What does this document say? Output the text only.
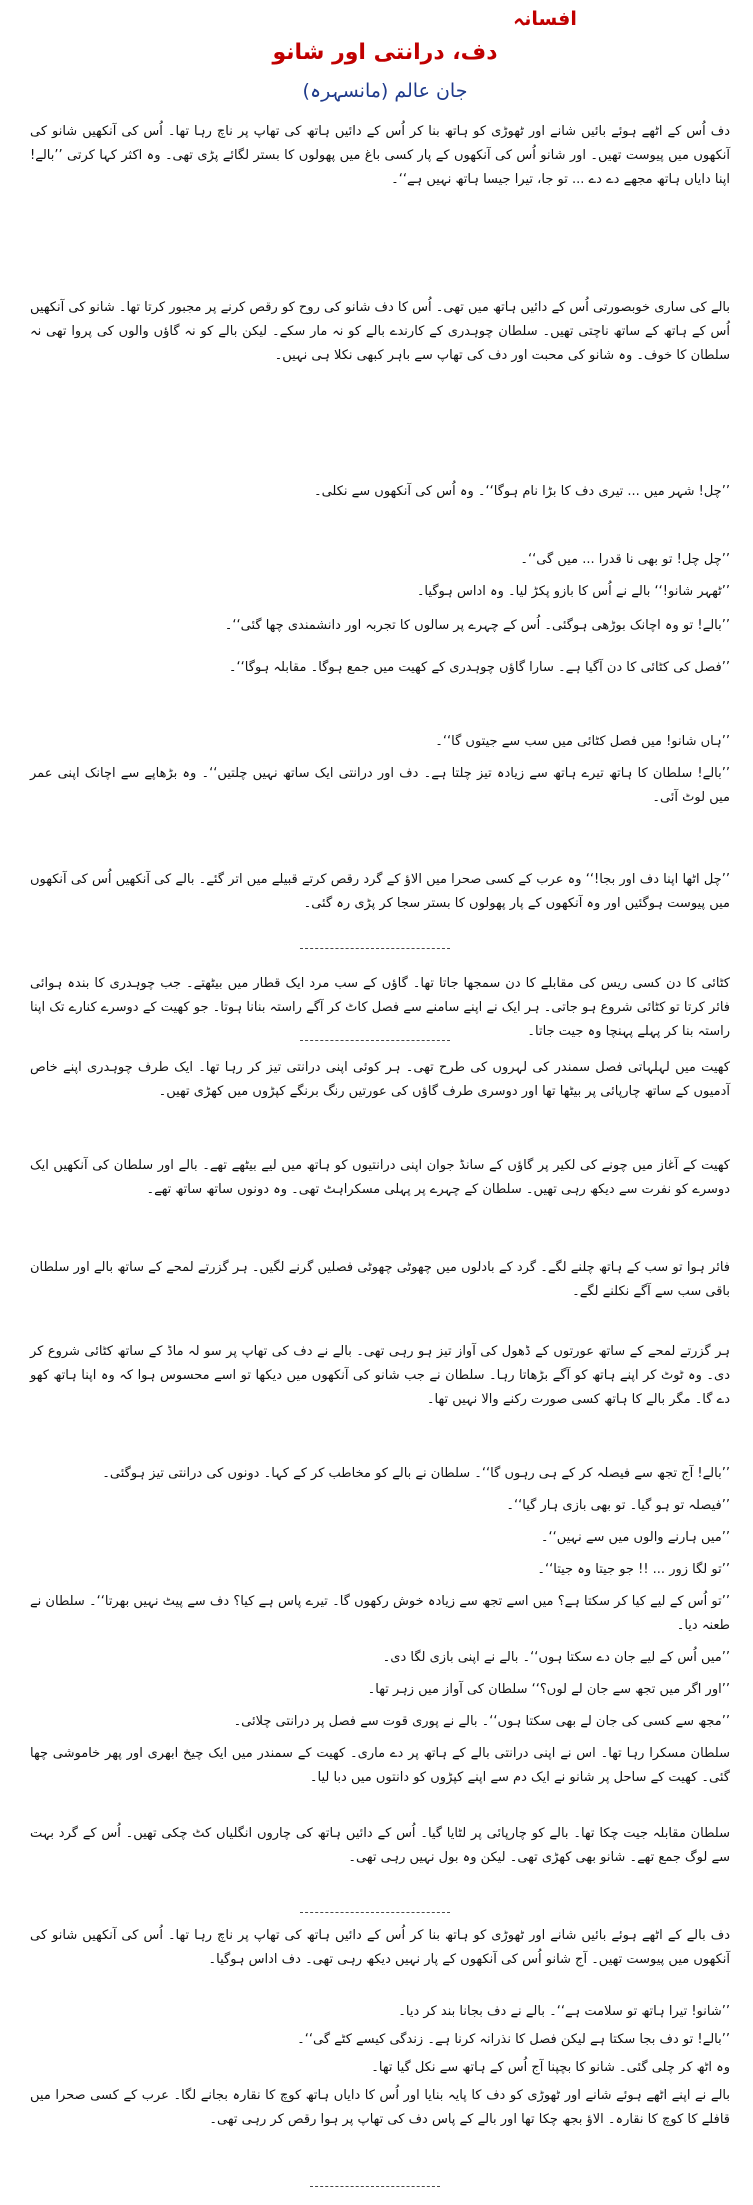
افسانہ
دف، درانتی اور شانو
جان عالم (مانسہرہ)

دف اُس کے اٹھے ہوئے بائیں شانے اور ٹھوڑی کو ہاتھ بنا کر اُس کے دائیں ہاتھ کی تھاپ پر ناچ رہا تھا۔ اُس کی آنکھیں شانو کی آنکھوں میں پیوست تھیں۔ اور شانو اُس کی آنکھوں کے پار کسی باغ میں پھولوں کا بستر لگائے پڑی تھی۔ وہ اکثر کہا کرتی ’’بالے! اپنا دایاں ہاتھ مجھے دے دے ... تو جا، تیرا جیسا ہاتھ نہیں ہے‘‘۔

بالے کی ساری خوبصورتی اُس کے دائیں ہاتھ میں تھی۔ اُس کا دف شانو کی روح کو رقص کرنے پر مجبور کرتا تھا۔ شانو کی آنکھیں اُس کے ہاتھ کے ساتھ ناچتی تھیں۔ سلطان چوہدری کے کارندے بالے کو نہ مار سکے۔ لیکن بالے کو نہ گاؤں والوں کی پروا تھی نہ سلطان کا خوف۔ وہ شانو کی محبت اور دف کی تھاپ سے باہر کبھی نکلا ہی نہیں۔

’’چل! شہر میں ... تیری دف کا بڑا نام ہوگا‘‘۔ وہ اُس کی آنکھوں سے نکلی۔

’’چل چل! تو بھی نا قدرا ... میں گی‘‘۔

’’ٹھہر شانو!‘‘ بالے نے اُس کا بازو پکڑ لیا۔ وہ اداس ہوگیا۔

’’بالے! تو وہ اچانک بوڑھی ہوگئی۔ اُس کے چہرے پر سالوں کا تجربہ اور دانشمندی چھا گئی‘‘۔

’’فصل کی کٹائی کا دن آگیا ہے۔ سارا گاؤں چوہدری کے کھیت میں جمع ہوگا۔ مقابلہ ہوگا‘‘۔

’’ہاں شانو! میں فصل کٹائی میں سب سے جیتوں گا‘‘۔

’’بالے! سلطان کا ہاتھ تیرے ہاتھ سے زیادہ تیز چلتا ہے۔ دف اور درانتی ایک ساتھ نہیں چلتیں‘‘۔ وہ بڑھاپے سے اچانک اپنی عمر میں لوٹ آئی۔

’’چل اٹھا اپنا دف اور بجا!‘‘ وہ عرب کے کسی صحرا میں الاؤ کے گرد رقص کرتے قبیلے میں اتر گئے۔ بالے کی آنکھیں اُس کی آنکھوں میں پیوست ہوگئیں اور وہ آنکھوں کے پار پھولوں کا بستر سجا کر پڑی رہ گئی۔

کٹائی کا دن کسی ریس کی مقابلے کا دن سمجھا جاتا تھا۔ گاؤں کے سب مرد ایک قطار میں بیٹھتے۔ جب چوہدری کا بندہ ہوائی فائر کرتا تو کٹائی شروع ہو جاتی۔ ہر ایک نے اپنے سامنے سے فصل کاٹ کر آگے راستہ بنانا ہوتا۔ جو کھیت کے دوسرے کنارے تک اپنا راستہ بنا کر پہلے پہنچا وہ جیت جاتا۔

کھیت میں لہلہاتی فصل سمندر کی لہروں کی طرح تھی۔ ہر کوئی اپنی درانتی تیز کر رہا تھا۔ ایک طرف چوہدری اپنے خاص آدمیوں کے ساتھ چارپائی پر بیٹھا تھا اور دوسری طرف گاؤں کی عورتیں رنگ برنگے کپڑوں میں کھڑی تھیں۔

کھیت کے آغاز میں چونے کی لکیر پر گاؤں کے سانڈ جوان اپنی درانتیوں کو ہاتھ میں لیے بیٹھے تھے۔ بالے اور سلطان کی آنکھیں ایک دوسرے کو نفرت سے دیکھ رہی تھیں۔ سلطان کے چہرے پر پہلی مسکراہٹ تھی۔ وہ دونوں ساتھ ساتھ تھے۔

فائر ہوا تو سب کے ہاتھ چلنے لگے۔ گرد کے بادلوں میں چھوٹی چھوٹی فصلیں گرنے لگیں۔ ہر گزرتے لمحے کے ساتھ بالے اور سلطان باقی سب سے آگے نکلنے لگے۔

ہر گزرتے لمحے کے ساتھ عورتوں کے ڈھول کی آواز تیز ہو رہی تھی۔ بالے نے دف کی تھاپ پر سو لہ ماڈ کے ساتھ کٹائی شروع کر دی۔ وہ ٹوٹ کر اپنے ہاتھ کو آگے بڑھاتا رہا۔ سلطان نے جب شانو کی آنکھوں میں دیکھا تو اسے محسوس ہوا کہ وہ اپنا ہاتھ کھو دے گا۔ مگر بالے کا ہاتھ کسی صورت رکنے والا نہیں تھا۔

’’بالے! آج تجھ سے فیصلہ کر کے ہی رہوں گا‘‘۔ سلطان نے بالے کو مخاطب کر کے کہا۔ دونوں کی درانتی تیز ہوگئی۔

’’فیصلہ تو ہو گیا۔ تو بھی بازی ہار گیا‘‘۔

’’میں ہارنے والوں میں سے نہیں‘‘۔

’’تو لگا زور ... !! جو جیتا وہ جیتا‘‘۔

’’تو اُس کے لیے کیا کر سکتا ہے؟ میں اسے تجھ سے زیادہ خوش رکھوں گا۔ تیرے پاس ہے کیا؟ دف سے پیٹ نہیں بھرتا‘‘۔ سلطان نے طعنہ دیا۔

’’میں اُس کے لیے جان دے سکتا ہوں‘‘۔ بالے نے اپنی بازی لگا دی۔

’’اور اگر میں تجھ سے جان لے لوں؟‘‘ سلطان کی آواز میں زہر تھا۔

’’مجھ سے کسی کی جان لے بھی سکتا ہوں‘‘۔ بالے نے پوری قوت سے فصل پر درانتی چلائی۔

سلطان مسکرا رہا تھا۔ اس نے اپنی درانتی بالے کے ہاتھ پر دے ماری۔ کھیت کے سمندر میں ایک چیخ ابھری اور پھر خاموشی چھا گئی۔ کھیت کے ساحل پر شانو نے ایک دم سے اپنے کپڑوں کو دانتوں میں دبا لیا۔

سلطان مقابلہ جیت چکا تھا۔ بالے کو چارپائی پر لٹایا گیا۔ اُس کے دائیں ہاتھ کی چاروں انگلیاں کٹ چکی تھیں۔ اُس کے گرد بہت سے لوگ جمع تھے۔ شانو بھی کھڑی تھی۔ لیکن وہ بول نہیں رہی تھی۔

دف بالے کے اٹھے ہوئے بائیں شانے اور ٹھوڑی کو ہاتھ بنا کر اُس کے دائیں ہاتھ کی تھاپ پر ناچ رہا تھا۔ اُس کی آنکھیں شانو کی آنکھوں میں پیوست تھیں۔ آج شانو اُس کی آنکھوں کے پار نہیں دیکھ رہی تھی۔ دف اداس ہوگیا۔

’’شانو! تیرا ہاتھ تو سلامت ہے‘‘۔ بالے نے دف بجانا بند کر دیا۔

’’بالے! تو دف بجا سکتا ہے لیکن فصل کا نذرانہ کرنا ہے۔ زندگی کیسے کٹے گی‘‘۔

وہ اٹھ کر چلی گئی۔ شانو کا بچپنا آج اُس کے ہاتھ سے نکل گیا تھا۔

بالے نے اپنے اٹھے ہوئے شانے اور ٹھوڑی کو دف کا پایہ بنایا اور اُس کا دایاں ہاتھ کوچ کا نقارہ بجانے لگا۔ عرب کے کسی صحرا میں قافلے کا کوچ کا نقارہ۔ الاؤ بجھ چکا تھا اور بالے کے پاس دف کی تھاپ پر ہوا رقص کر رہی تھی۔
